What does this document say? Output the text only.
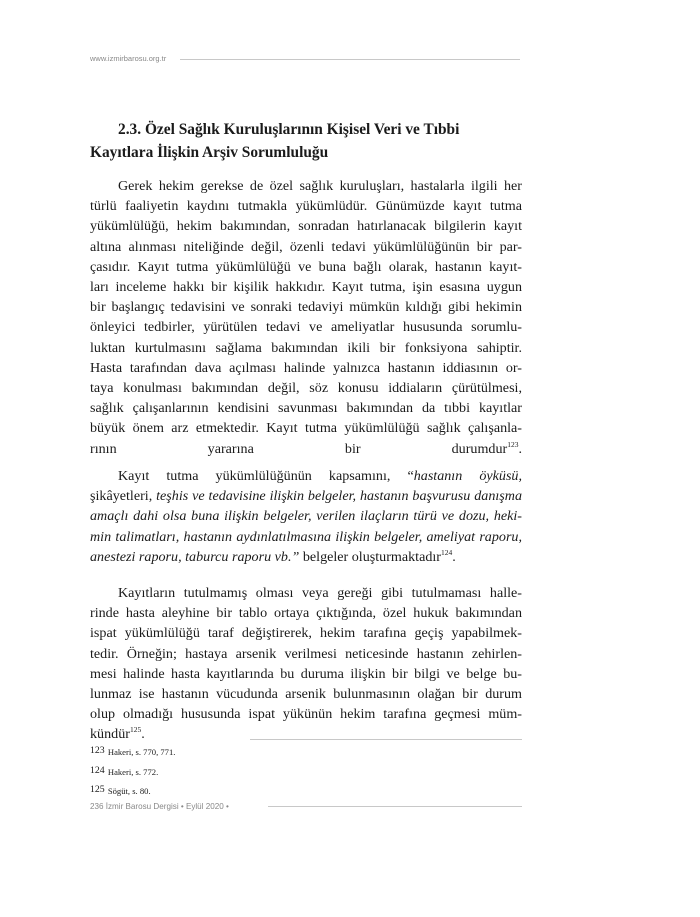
www.izmirbarosu.org.tr
2.3. Özel Sağlık Kuruluşlarının Kişisel Veri ve Tıbbi Kayıtlara İlişkin Arşiv Sorumluluğu
Gerek hekim gerekse de özel sağlık kuruluşları, hastalarla ilgili her
türlü faaliyetin kaydını tutmakla yükümlüdür. Günümüzde kayıt tutma
yükümlülüğü, hekim bakımından, sonradan hatırlanacak bilgilerin kayıt
altına alınması niteliğinde değil, özenli tedavi yükümlülüğünün bir par-
çasıdır. Kayıt tutma yükümlülüğü ve buna bağlı olarak, hastanın kayıt-
ları inceleme hakkı bir kişilik hakkıdır. Kayıt tutma, işin esasına uygun
bir başlangıç tedavisini ve sonraki tedaviyi mümkün kıldığı gibi hekimin
önleyici tedbirler, yürütülen tedavi ve ameliyatlar hususunda sorumlu-
luktan kurtulmasını sağlama bakımından ikili bir fonksiyona sahiptir.
Hasta tarafından dava açılması halinde yalnızca hastanın iddiasının or-
taya konulması bakımından değil, söz konusu iddiaların çürütülmesi,
sağlık çalışanlarının kendisini savunması bakımından da tıbbi kayıtlar
büyük önem arz etmektedir. Kayıt tutma yükümlülüğü sağlık çalışanla-
rının yararına bir durumdur$^{123}$.
Kayıt tutma yükümlülüğünün kapsamını, “hastanın öyküsü,
şikâyetleri, teşhis ve tedavisine ilişkin belgeler, hastanın başvurusu danışma
amaçlı dahi olsa buna ilişkin belgeler, verilen ilaçların türü ve dozu, heki-
min talimatları, hastanın aydınlatılmasına ilişkin belgeler, ameliyat raporu,
anestezi raporu, taburcu raporu vb.” belgeler oluşturmaktadır$^{124}$.
Kayıtların tutulmamış olması veya gereği gibi tutulmaması halle-
rinde hasta aleyhine bir tablo ortaya çıktığında, özel hukuk bakımından
ispat yükümlülüğü taraf değiştirerek, hekim tarafına geçiş yapabilmek-
tedir. Örneğin; hastaya arsenik verilmesi neticesinde hastanın zehirlen-
mesi halinde hasta kayıtlarında bu duruma ilişkin bir bilgi ve belge bu-
lunmaz ise hastanın vücudunda arsenik bulunmasının olağan bir durum
olup olmadığı hususunda ispat yükünün hekim tarafına geçmesi müm-
kündür$^{125}$.
123 Hakeri, s. 770, 771.
124 Hakeri, s. 772.
125 Sögüt, s. 80.
236 İzmir Barosu Dergisi • Eylül 2020 •
